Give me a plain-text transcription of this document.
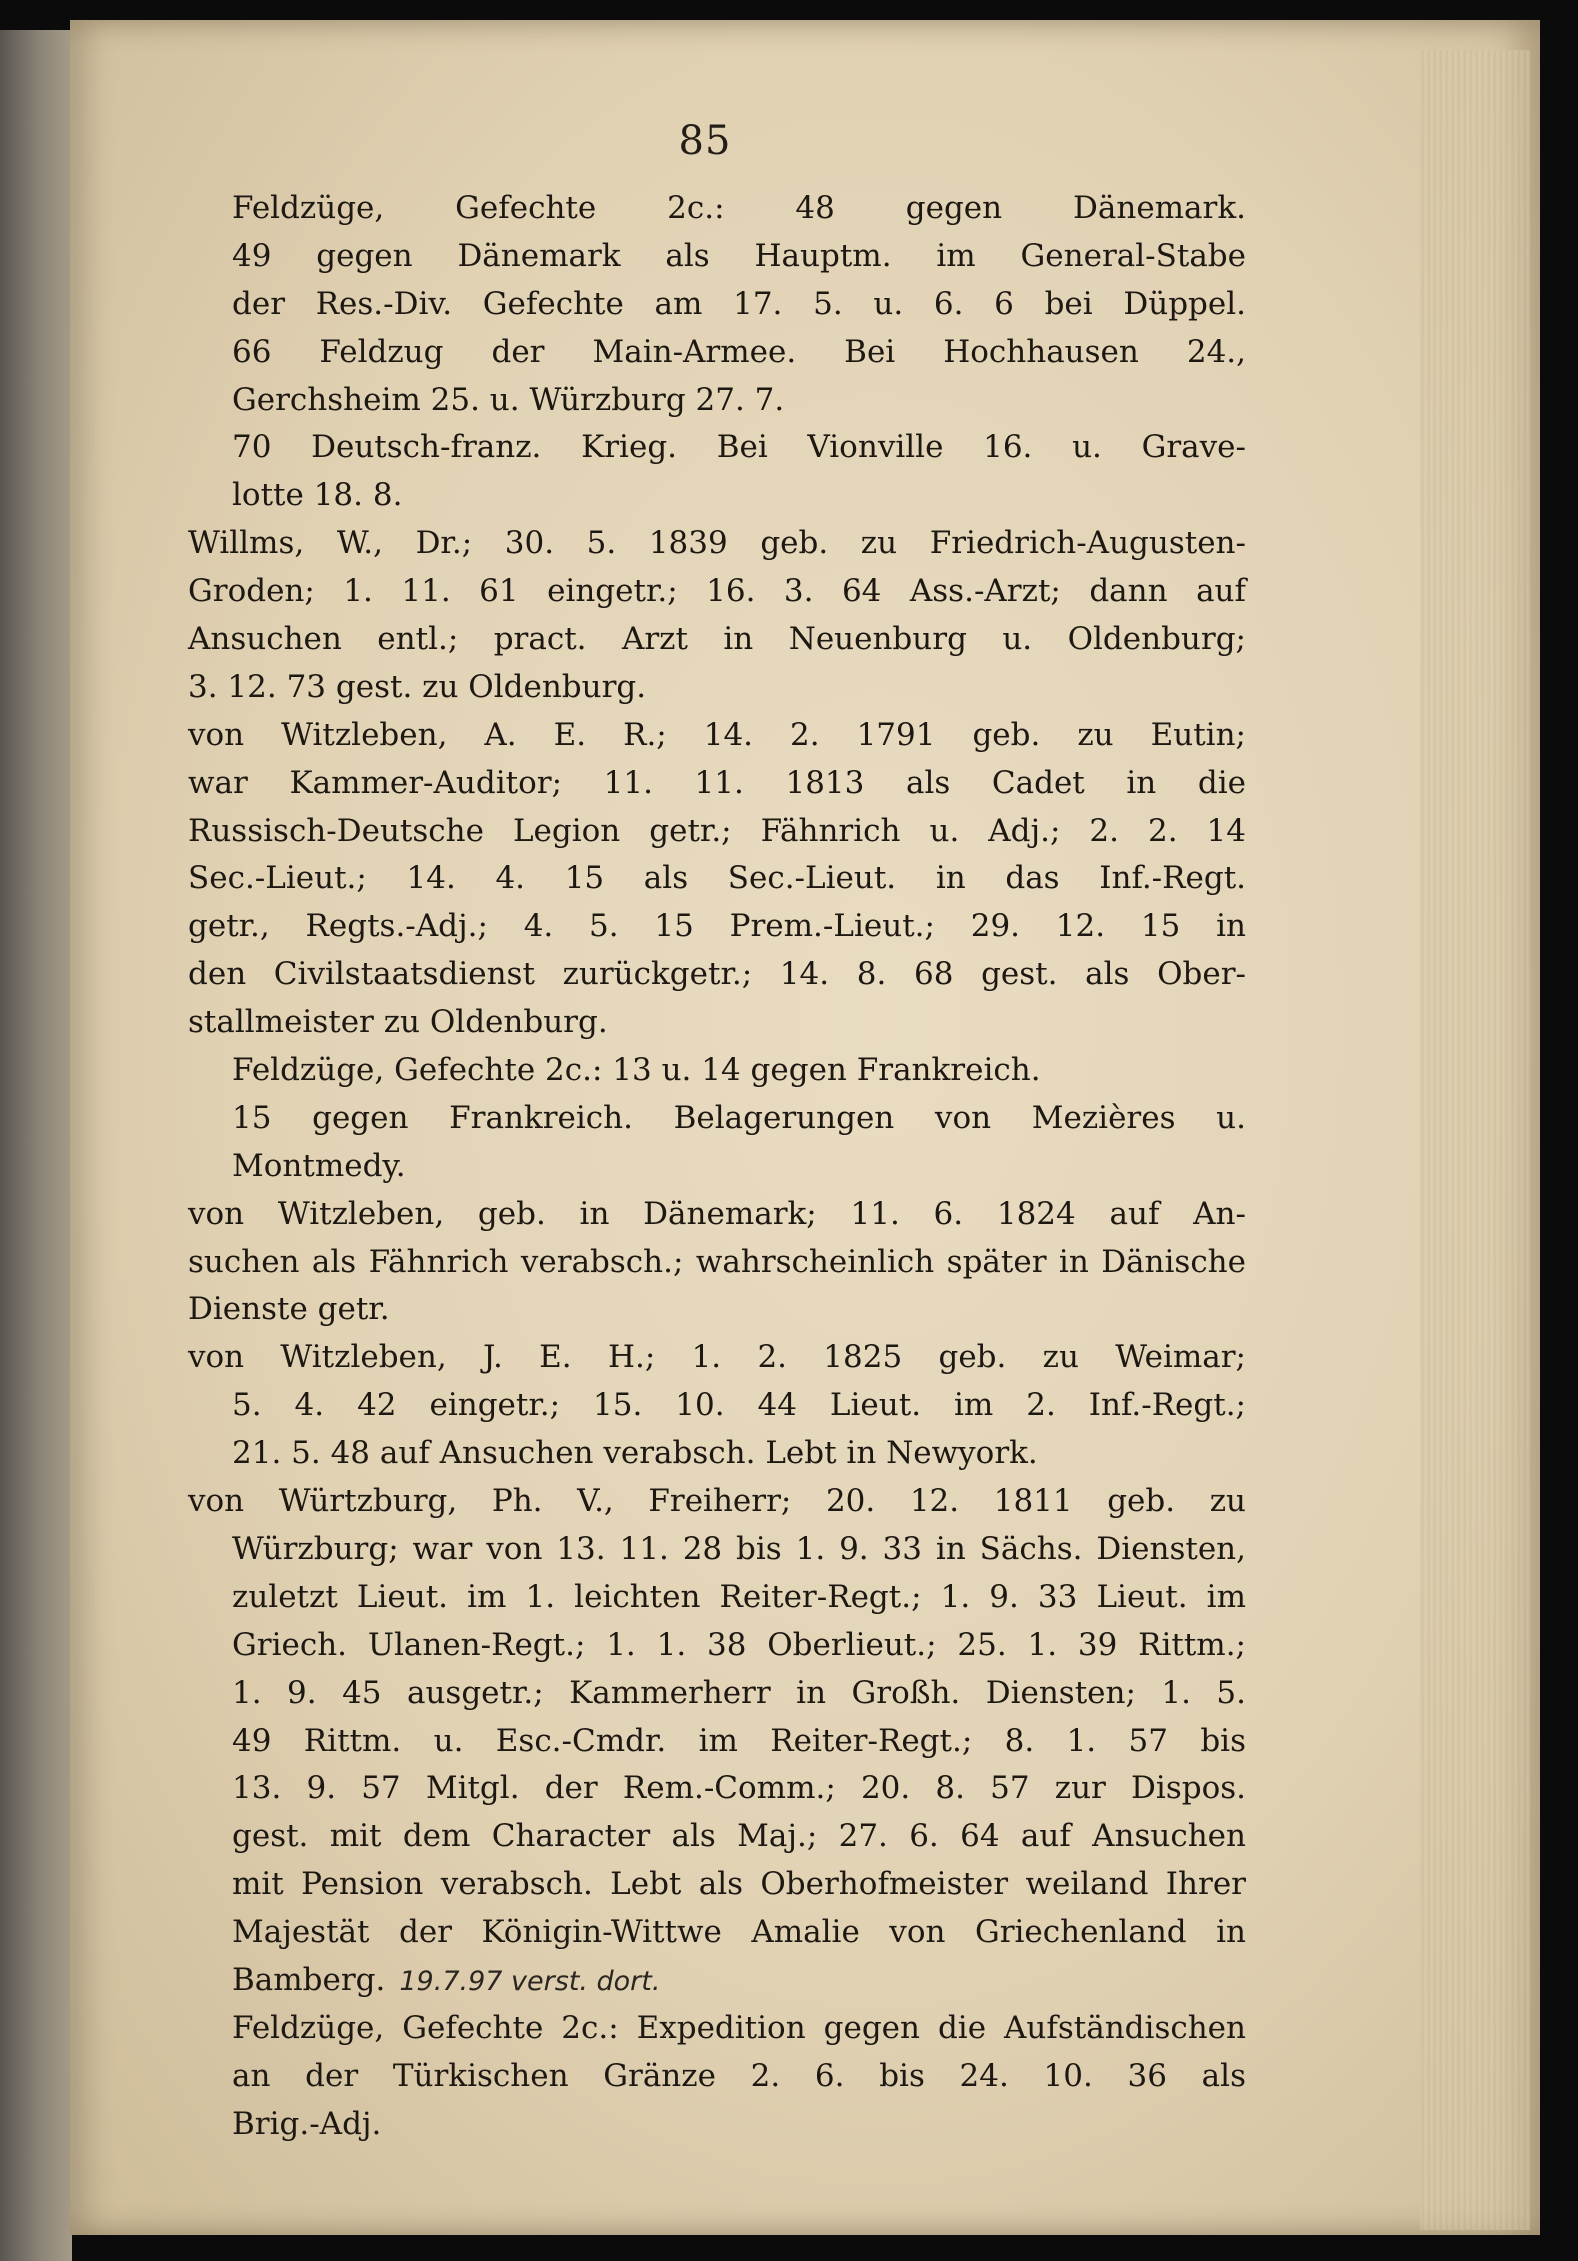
85
Feldzüge, Gefechte 2c.: 48 gegen Dänemark.
49 gegen Dänemark als Hauptm. im General-Stabe
der Res.-Div. Gefechte am 17. 5. u. 6. 6 bei Düppel.
66 Feldzug der Main-Armee. Bei Hochhausen 24.,
Gerchsheim 25. u. Würzburg 27. 7.
70 Deutsch-franz. Krieg. Bei Vionville 16. u. Grave-
lotte 18. 8.
Willms, W., Dr.; 30. 5. 1839 geb. zu Friedrich-Augusten-
Groden; 1. 11. 61 eingetr.; 16. 3. 64 Ass.-Arzt; dann auf
Ansuchen entl.; pract. Arzt in Neuenburg u. Oldenburg;
3. 12. 73 gest. zu Oldenburg.
von Witzleben, A. E. R.; 14. 2. 1791 geb. zu Eutin;
war Kammer-Auditor; 11. 11. 1813 als Cadet in die
Russisch-Deutsche Legion getr.; Fähnrich u. Adj.; 2. 2. 14
Sec.-Lieut.; 14. 4. 15 als Sec.-Lieut. in das Inf.-Regt.
getr., Regts.-Adj.; 4. 5. 15 Prem.-Lieut.; 29. 12. 15 in
den Civilstaatsdienst zurückgetr.; 14. 8. 68 gest. als Ober-
stallmeister zu Oldenburg.
Feldzüge, Gefechte 2c.: 13 u. 14 gegen Frankreich.
15 gegen Frankreich. Belagerungen von Mezières u.
Montmedy.
von Witzleben, geb. in Dänemark; 11. 6. 1824 auf An-
suchen als Fähnrich verabsch.; wahrscheinlich später in Dänische
Dienste getr.
von Witzleben, J. E. H.; 1. 2. 1825 geb. zu Weimar;
5. 4. 42 eingetr.; 15. 10. 44 Lieut. im 2. Inf.-Regt.;
21. 5. 48 auf Ansuchen verabsch. Lebt in Newyork.
von Würtzburg, Ph. V., Freiherr; 20. 12. 1811 geb. zu
Würzburg; war von 13. 11. 28 bis 1. 9. 33 in Sächs. Diensten,
zuletzt Lieut. im 1. leichten Reiter-Regt.; 1. 9. 33 Lieut. im
Griech. Ulanen-Regt.; 1. 1. 38 Oberlieut.; 25. 1. 39 Rittm.;
1. 9. 45 ausgetr.; Kammerherr in Großh. Diensten; 1. 5.
49 Rittm. u. Esc.-Cmdr. im Reiter-Regt.; 8. 1. 57 bis
13. 9. 57 Mitgl. der Rem.-Comm.; 20. 8. 57 zur Dispos.
gest. mit dem Character als Maj.; 27. 6. 64 auf Ansuchen
mit Pension verabsch. Lebt als Oberhofmeister weiland Ihrer
Majestät der Königin-Wittwe Amalie von Griechenland in
Bamberg. 19.7.97 verst. dort.
Feldzüge, Gefechte 2c.: Expedition gegen die Aufständischen
an der Türkischen Gränze 2. 6. bis 24. 10. 36 als
Brig.-Adj.
